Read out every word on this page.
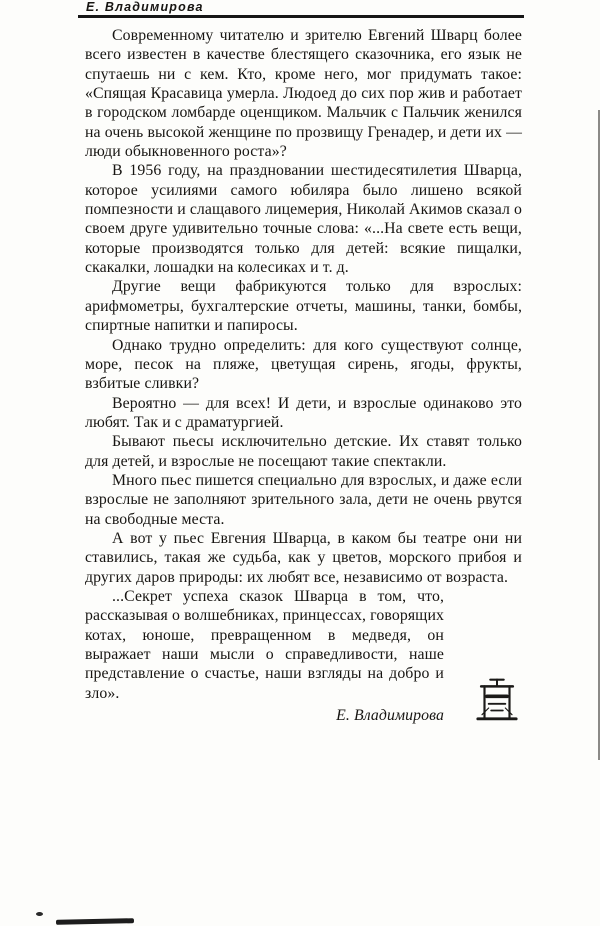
Е. Владимирова

Современному читателю и зрителю Евгений Шварц более всего известен в качестве блестящего сказочника, его язык не спутаешь ни с кем. Кто, кроме него, мог придумать такое: «Спящая Красавица умерла. Людоед до сих пор жив и работает в городском ломбарде оценщиком. Мальчик с Пальчик женился на очень высокой женщине по прозвищу Гренадер, и дети их — люди обыкновенного роста»?

В 1956 году, на праздновании шестидесятилетия Шварца, которое усилиями самого юбиляра было лишено всякой помпезности и слащавого лицемерия, Николай Акимов сказал о своем друге удивительно точные слова: «...На свете есть вещи, которые производятся только для детей: всякие пищалки, скакалки, лошадки на колесиках и т. д.

Другие вещи фабрикуются только для взрослых: арифмометры, бухгалтерские отчеты, машины, танки, бомбы, спиртные напитки и папиросы.

Однако трудно определить: для кого существуют солнце, море, песок на пляже, цветущая сирень, ягоды, фрукты, взбитые сливки?

Вероятно — для всех! И дети, и взрослые одинаково это любят. Так и с драматургией.

Бывают пьесы исключительно детские. Их ставят только для детей, и взрослые не посещают такие спектакли.

Много пьес пишется специально для взрослых, и даже если взрослые не заполняют зрительного зала, дети не очень рвутся на свободные места.

А вот у пьес Евгения Шварца, в каком бы театре они ни ставились, такая же судьба, как у цветов, морского прибоя и других даров природы: их любят все, независимо от возраста.

...Секрет успеха сказок Шварца в том, что, рассказывая о волшебниках, принцессах, говорящих котах, юноше, превращенном в медведя, он выражает наши мысли о справедливости, наше представление о счастье, наши взгляды на добро и зло».

Е. Владимирова
